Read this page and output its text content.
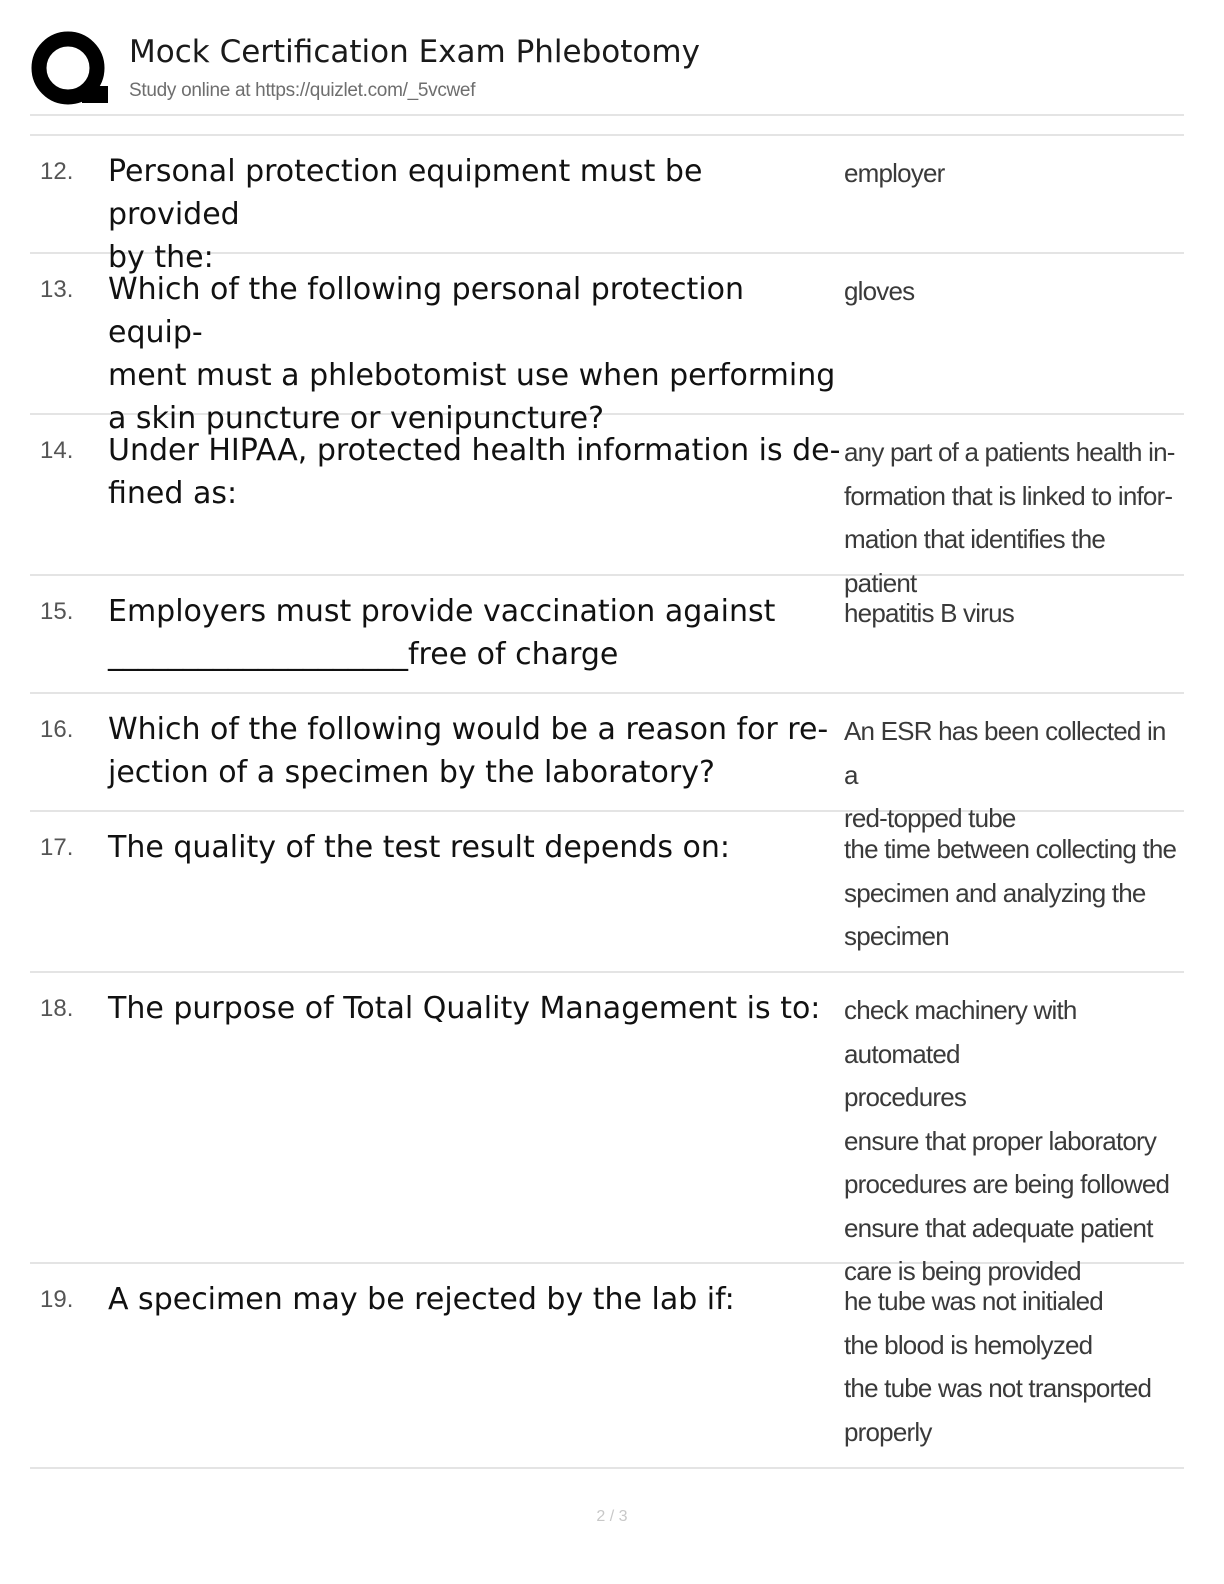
Mock Certification Exam Phlebotomy
Study online at https://quizlet.com/_5vcwef
12. Personal protection equipment must be provided
by the:
employer
13. Which of the following personal protection equip-
ment must a phlebotomist use when performing
a skin puncture or venipuncture?
gloves
14. Under HIPAA, protected health information is de-
fined as:
any part of a patients health in-
formation that is linked to infor-
mation that identifies the patient
15. Employers must provide vaccination against
____________________free of charge
hepatitis B virus
16. Which of the following would be a reason for re-
jection of a specimen by the laboratory?
An ESR has been collected in a
red-topped tube
17. The quality of the test result depends on:	the time between collecting the
specimen and analyzing the
specimen
18. The purpose of Total Quality Management is to: check machinery with automated
procedures
ensure that proper laboratory
procedures are being followed
ensure that adequate patient
care is being provided
19. A specimen may be rejected by the lab if:	he tube was not initialed
the blood is hemolyzed
the tube was not transported
properly
2 / 3
